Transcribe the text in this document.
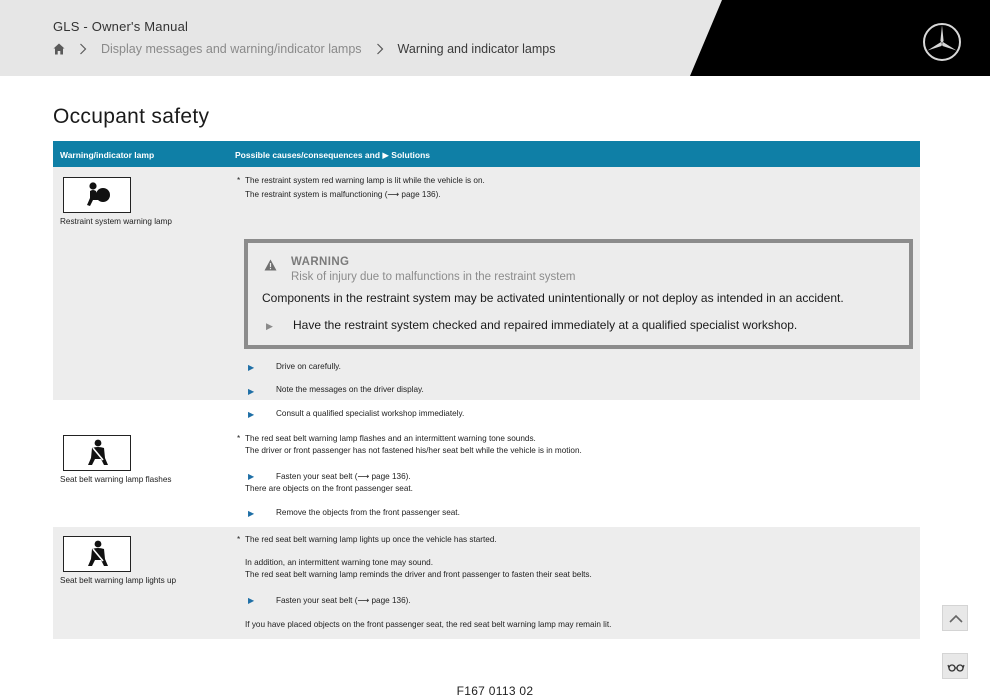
GLS - Owner's Manual
Display messages and warning/indicator lamps	Warning and indicator lamps
Occupant safety
Warning/indicator lamp	Possible causes/consequences and ▶ Solutions
Restraint system warning lamp
* The restraint system red warning lamp is lit while the vehicle is on.
The restraint system is malfunctioning (⟶ page 136).
WARNING
Risk of injury due to malfunctions in the restraint system
Components in the restraint system may be activated unintentionally or not deploy as intended in an accident.
▶ Have the restraint system checked and repaired immediately at a qualified specialist workshop.
▶	Drive on carefully.
▶	Note the messages on the driver display.
▶	Consult a qualified specialist workshop immediately.
Seat belt warning lamp flashes
* The red seat belt warning lamp flashes and an intermittent warning tone sounds.
The driver or front passenger has not fastened his/her seat belt while the vehicle is in motion.
▶	Fasten your seat belt (⟶ page 136).
There are objects on the front passenger seat.
▶	Remove the objects from the front passenger seat.
Seat belt warning lamp lights up
* The red seat belt warning lamp lights up once the vehicle has started.
In addition, an intermittent warning tone may sound.
The red seat belt warning lamp reminds the driver and front passenger to fasten their seat belts.
▶	Fasten your seat belt (⟶ page 136).
If you have placed objects on the front passenger seat, the red seat belt warning lamp may remain lit.
F167 0113 02
